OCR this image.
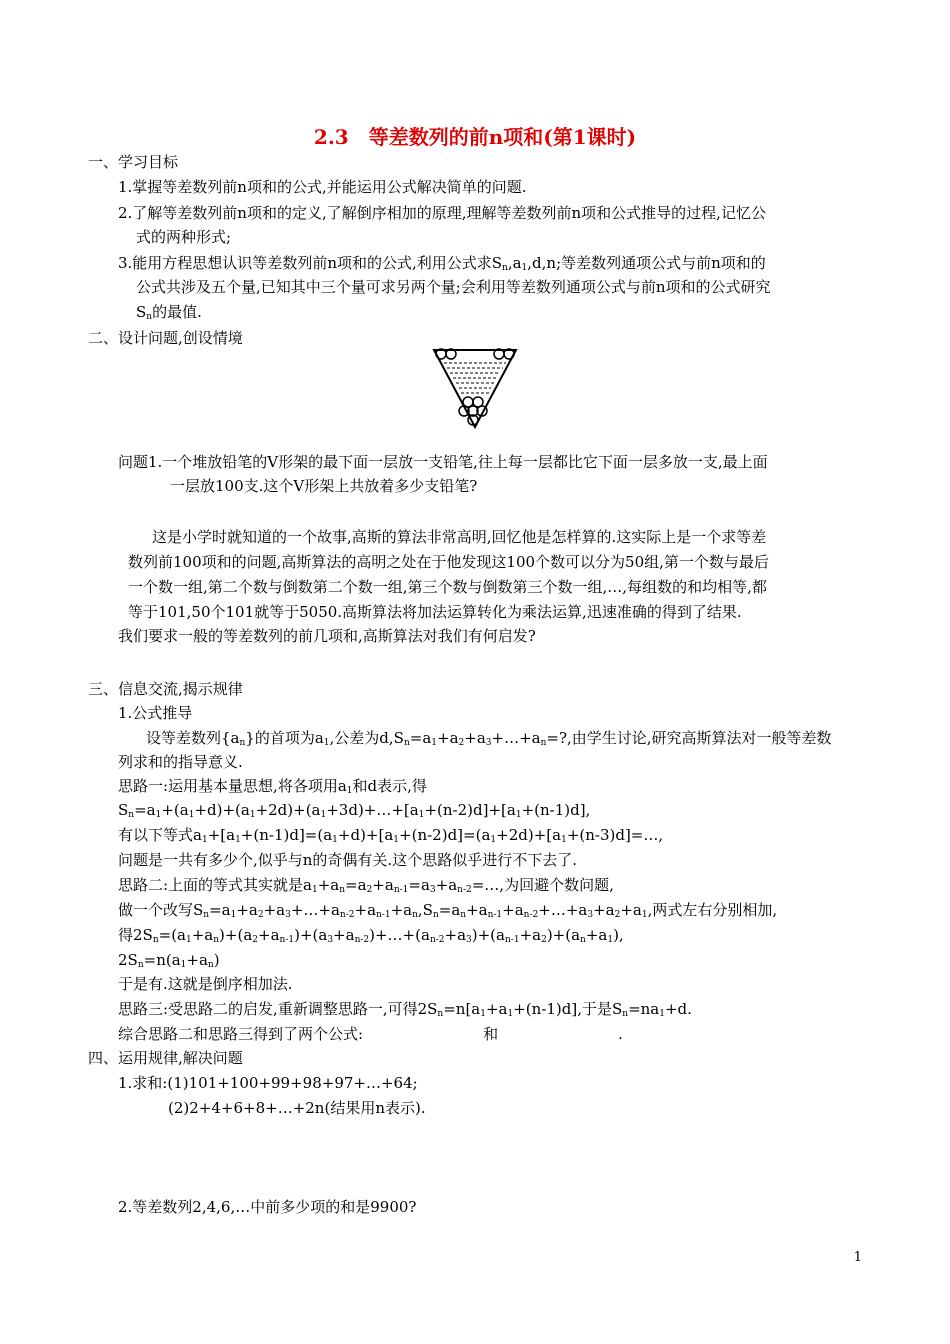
2.3　等差数列的前n项和(第1课时)
一、学习目标
1.掌握等差数列前n项和的公式,并能运用公式解决简单的问题.
2.了解等差数列前n项和的定义,了解倒序相加的原理,理解等差数列前n项和公式推导的过程,记忆公
式的两种形式;
3.能用方程思想认识等差数列前n项和的公式,利用公式求$S_n,a_1,d,n$;等差数列通项公式与前n项和的
公式共涉及五个量,已知其中三个量可求另两个量;会利用等差数列通项公式与前n项和的公式研究
$S_n$的最值.
二、设计问题,创设情境
问题1.一个堆放铅笔的V形架的最下面一层放一支铅笔,往上每一层都比它下面一层多放一支,最上面
一层放100支.这个V形架上共放着多少支铅笔?
这是小学时就知道的一个故事,高斯的算法非常高明,回忆他是怎样算的.这实际上是一个求等差
数列前100项和的问题,高斯算法的高明之处在于他发现这100个数可以分为50组,第一个数与最后
一个数一组,第二个数与倒数第二个数一组,第三个数与倒数第三个数一组,…,每组数的和均相等,都
等于101,50个101就等于5050.高斯算法将加法运算转化为乘法运算,迅速准确的得到了结果.
我们要求一般的等差数列的前几项和,高斯算法对我们有何启发?
三、信息交流,揭示规律
1.公式推导
设等差数列$\{a_n\}$的首项为$a_1$,公差为$d,S_n=a_1+a_2+a_3+\dots+a_n=$?,由学生讨论,研究高斯算法对一般等差数
列求和的指导意义.
思路一:运用基本量思想,将各项用$a_1$和d表示,得
$S_n=a_1+(a_1+d)+(a_1+2d)+(a_1+3d)+\dots+[a_1+(n-2)d]+[a_1+(n-1)d]$,
有以下等式$a_1+[a_1+(n-1)d]=(a_1+d)+[a_1+(n-2)d]=(a_1+2d)+[a_1+(n-3)d]=\dots$,
问题是一共有多少个,似乎与n的奇偶有关.这个思路似乎进行不下去了.
思路二:上面的等式其实就是$a_1+a_n=a_2+a_{n-1}=a_3+a_{n-2}=\dots$,为回避个数问题,
做一个改写$S_n=a_1+a_2+a_3+\dots+a_{n-2}+a_{n-1}+a_n,S_n=a_n+a_{n-1}+a_{n-2}+\dots+a_3+a_2+a_1$,两式左右分别相加,
得$2S_n=(a_1+a_n)+(a_2+a_{n-1})+(a_3+a_{n-2})+\dots+(a_{n-2}+a_3)+(a_{n-1}+a_2)+(a_n+a_1)$,
$2S_n=n(a_1+a_n)$
于是有.这就是倒序相加法.
思路三:受思路二的启发,重新调整思路一,可得$2S_n=n[a_1+a_1+(n-1)d]$,于是$S_n=na_1+d$.
综合思路二和思路三得到了两个公式:	和	.
四、运用规律,解决问题
1.求和:(1)101+100+99+98+97+…+64;
(2)2+4+6+8+…+2n(结果用n表示).
2.等差数列2,4,6,…中前多少项的和是9900?
1
